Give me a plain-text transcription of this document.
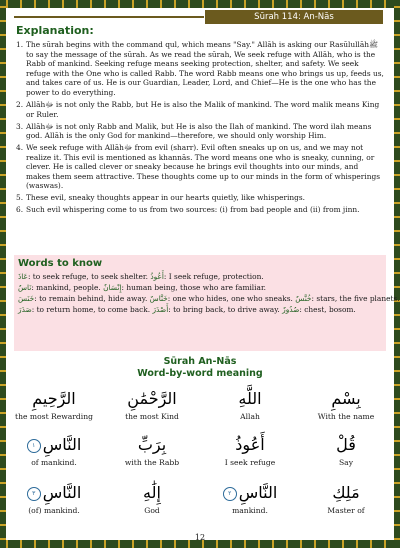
Sūrah 114: An-Nās
Explanation:
1. The sūrah begins with the command qul, which means "Say." Allāh is asking our Rasūlullāhﷺ to say the message of the sūrah. As we read the sūrah, We seek refuge with Allāh, who is the Rabb of mankind. Seeking refuge means seeking protection, shelter, and safety. We seek refuge with the One who is called Rabb. The word Rabb means one who brings us up, feeds us, and takes care of us. He is our Guardian, Leader, Lord, and Chief—He is the one who has the power to do everything.
2. Allāhﷻ is not only the Rabb, but He is also the Malik of mankind. The word malik means King or Ruler.
3. Allāhﷻ is not only Rabb and Malik, but He is also the Ilah of mankind. The word ilah means god. Allāh is the only God for mankind—therefore, we should only worship Him.
4. We seek refuge with Allāhﷻ from evil (sharr). Evil often sneaks up on us, and we may not realize it. This evil is mentioned as khannās. The word means one who is sneaky, cunning, or clever. He is called clever or sneaky because he brings evil thoughts into our minds, and makes them seem attractive. These thoughts come up to our minds in the form of whisperings (waswas).
5. These evil, sneaky thoughts appear in our hearts quietly, like whisperings.
6. Such evil whispering come to us from two sources: (i) from bad people and (ii) from jinn.
Words to know
عَاذَ: to seek refuge, to seek shelter. أَعُوذُ: I seek refuge, protection.
نَاسٌ: mankind, people. إِنْسَانٌ: human being, those who are familiar.
خَنَسَ: to remain behind, hide away. خَنَّاسٌ: one who hides, one who sneaks. خُنَّسٌ: stars, the five planets.
صَدَرَ: to return home, to come back. أَصْدَرَ: to bring back, to drive away. صُدُورٌ: chest, bosom.
Sūrah An-Nās
Word-by-word meaning
الرَّحِيمِ
the most Rewarding
الرَّحْمَٰنِ
the most Kind
اللَّهِ
Allah
بِسْمِ
With the name
١ النَّاسِ
of mankind.
بِرَبِّ
with the Rabb
أَعُوذُ
I seek refuge
قُلْ
Say
٣ النَّاسِ
(of) mankind.
إِلَٰهِ
God
٢ النَّاسِ
mankind.
مَلِكِ
Master of
12
